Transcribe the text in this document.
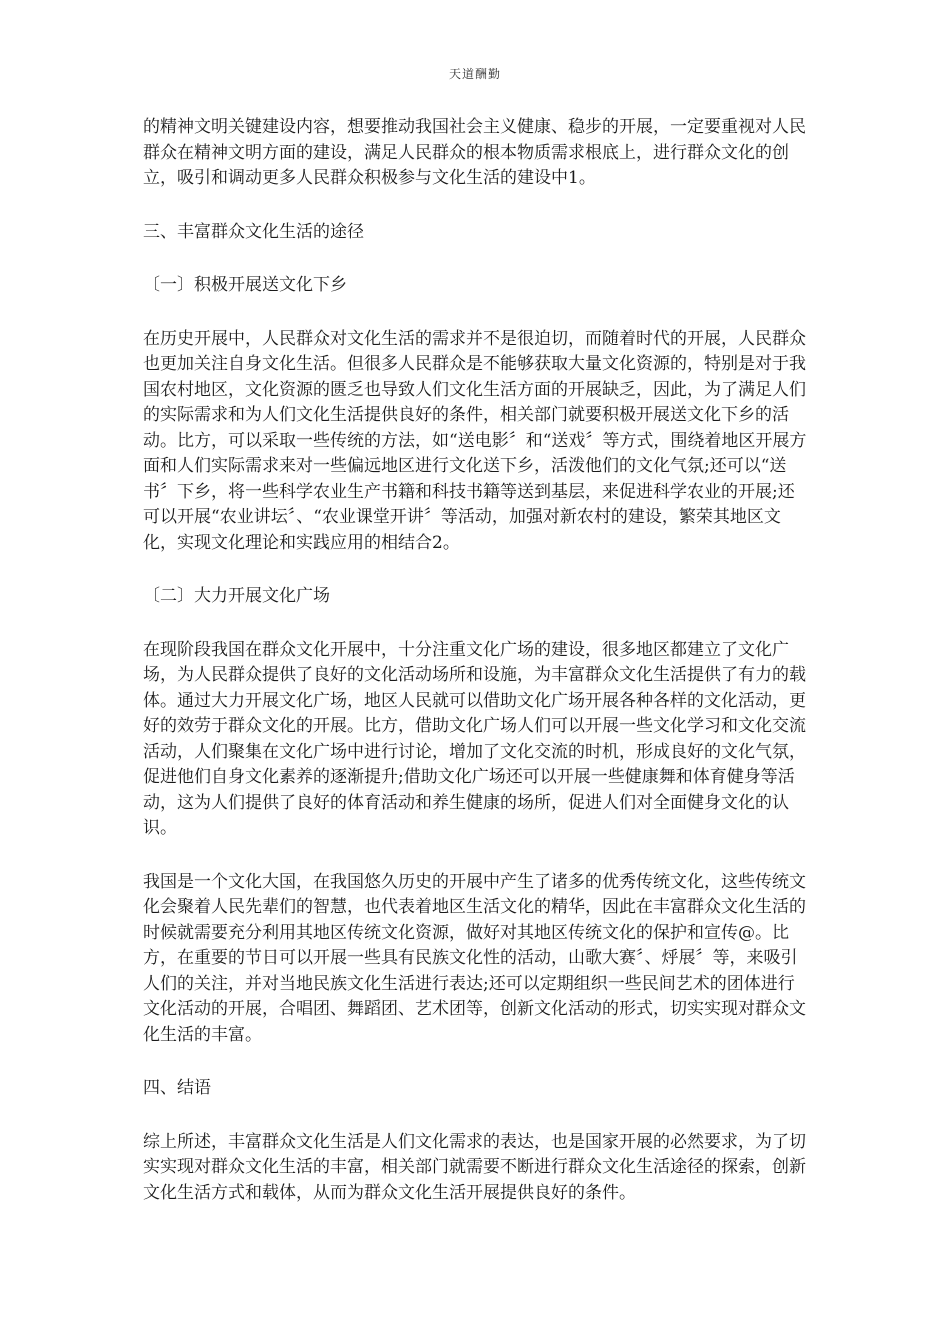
天道酬勤

的精神文明关键建设内容，想要推动我国社会主义健康、稳步的开展，一定要重视对人民群众在精神文明方面的建设，满足人民群众的根本物质需求根底上，进行群众文化的创立，吸引和调动更多人民群众积极参与文化生活的建设中1。

三、丰富群众文化生活的途径

〔一〕积极开展送文化下乡

在历史开展中，人民群众对文化生活的需求并不是很迫切，而随着时代的开展，人民群众也更加关注自身文化生活。但很多人民群众是不能够获取大量文化资源的，特别是对于我国农村地区，文化资源的匮乏也导致人们文化生活方面的开展缺乏，因此，为了满足人们的实际需求和为人们文化生活提供良好的条件，相关部门就要积极开展送文化下乡的活动。比方，可以采取一些传统的方法，如“送电影〞和“送戏〞等方式，围绕着地区开展方面和人们实际需求来对一些偏远地区进行文化送下乡，活泼他们的文化气氛;还可以“送书〞下乡，将一些科学农业生产书籍和科技书籍等送到基层，来促进科学农业的开展;还可以开展“农业讲坛〞、“农业课堂开讲〞等活动，加强对新农村的建设，繁荣其地区文化，实现文化理论和实践应用的相结合2。

〔二〕大力开展文化广场

在现阶段我国在群众文化开展中，十分注重文化广场的建设，很多地区都建立了文化广场，为人民群众提供了良好的文化活动场所和设施，为丰富群众文化生活提供了有力的载体。通过大力开展文化广场，地区人民就可以借助文化广场开展各种各样的文化活动，更好的效劳于群众文化的开展。比方，借助文化广场人们可以开展一些文化学习和文化交流活动，人们聚集在文化广场中进行讨论，增加了文化交流的时机，形成良好的文化气氛，促进他们自身文化素养的逐渐提升;借助文化广场还可以开展一些健康舞和体育健身等活动，这为人们提供了良好的体育活动和养生健康的场所，促进人们对全面健身文化的认识。

我国是一个文化大国，在我国悠久历史的开展中产生了诸多的优秀传统文化，这些传统文化会聚着人民先辈们的智慧，也代表着地区生活文化的精华，因此在丰富群众文化生活的时候就需要充分利用其地区传统文化资源，做好对其地区传统文化的保护和宣传@。比方，在重要的节日可以开展一些具有民族文化性的活动，山歌大赛〞、烀展〞等，来吸引人们的关注，并对当地民族文化生活进行表达;还可以定期组织一些民间艺术的团体进行文化活动的开展，合唱团、舞蹈团、艺术团等，创新文化活动的形式，切实实现对群众文化生活的丰富。

四、结语

综上所述，丰富群众文化生活是人们文化需求的表达，也是国家开展的必然要求，为了切实实现对群众文化生活的丰富，相关部门就需要不断进行群众文化生活途径的探索，创新文化生活方式和载体，从而为群众文化生活开展提供良好的条件。
